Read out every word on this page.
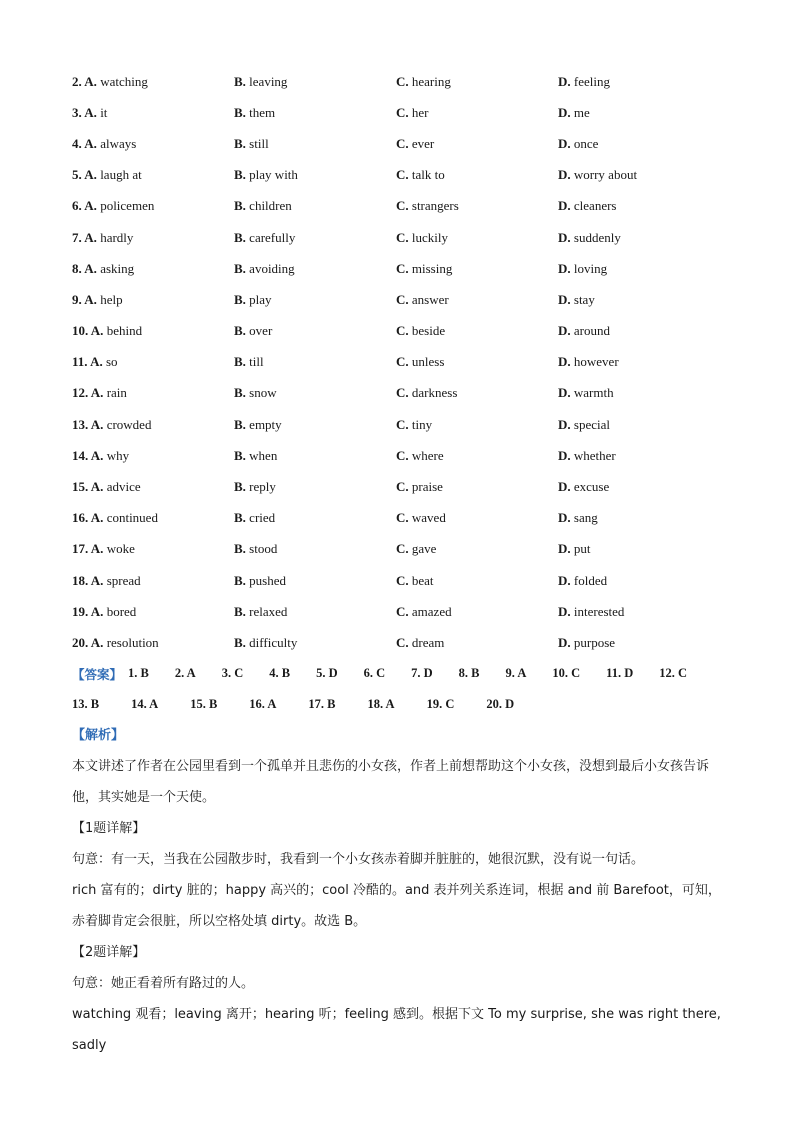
2. A. watching	B. leaving	C. hearing	D. feeling
3. A. it	B. them	C. her	D. me
4. A. always	B. still	C. ever	D. once
5. A. laugh at	B. play with	C. talk to	D. worry about
6. A. policemen	B. children	C. strangers	D. cleaners
7. A. hardly	B. carefully	C. luckily	D. suddenly
8. A. asking	B. avoiding	C. missing	D. loving
9. A. help	B. play	C. answer	D. stay
10. A. behind	B. over	C. beside	D. around
11. A. so	B. till	C. unless	D. however
12. A. rain	B. snow	C. darkness	D. warmth
13. A. crowded	B. empty	C. tiny	D. special
14. A. why	B. when	C. where	D. whether
15. A. advice	B. reply	C. praise	D. excuse
16. A. continued	B. cried	C. waved	D. sang
17. A. woke	B. stood	C. gave	D. put
18. A. spread	B. pushed	C. beat	D. folded
19. A. bored	B. relaxed	C. amazed	D. interested
20. A. resolution	B. difficulty	C. dream	D. purpose
【答案】 1. B 2. A 3. C 4. B 5. D 6. C 7. D 8. B 9. A 10. C 11. D 12. C
13. B	14. A	15. B	16. A	17. B	18. A	19. C	20. D
【解析】

本文讲述了作者在公园里看到一个孤单并且悲伤的小女孩，作者上前想帮助这个小女孩，没想到最后小女孩告诉他，其实她是一个天使。

【1题详解】

句意：有一天，当我在公园散步时，我看到一个小女孩赤着脚并脏脏的，她很沉默，没有说一句话。

rich 富有的；dirty 脏的；happy 高兴的；cool 冷酷的。and 表并列关系连词，根据 and 前 Barefoot，可知，赤着脚肯定会很脏，所以空格处填 dirty。故选 B。

【2题详解】

句意：她正看着所有路过的人。

watching 观看；leaving 离开；hearing 听；feeling 感到。根据下文 To my surprise, she was right there, sadly
